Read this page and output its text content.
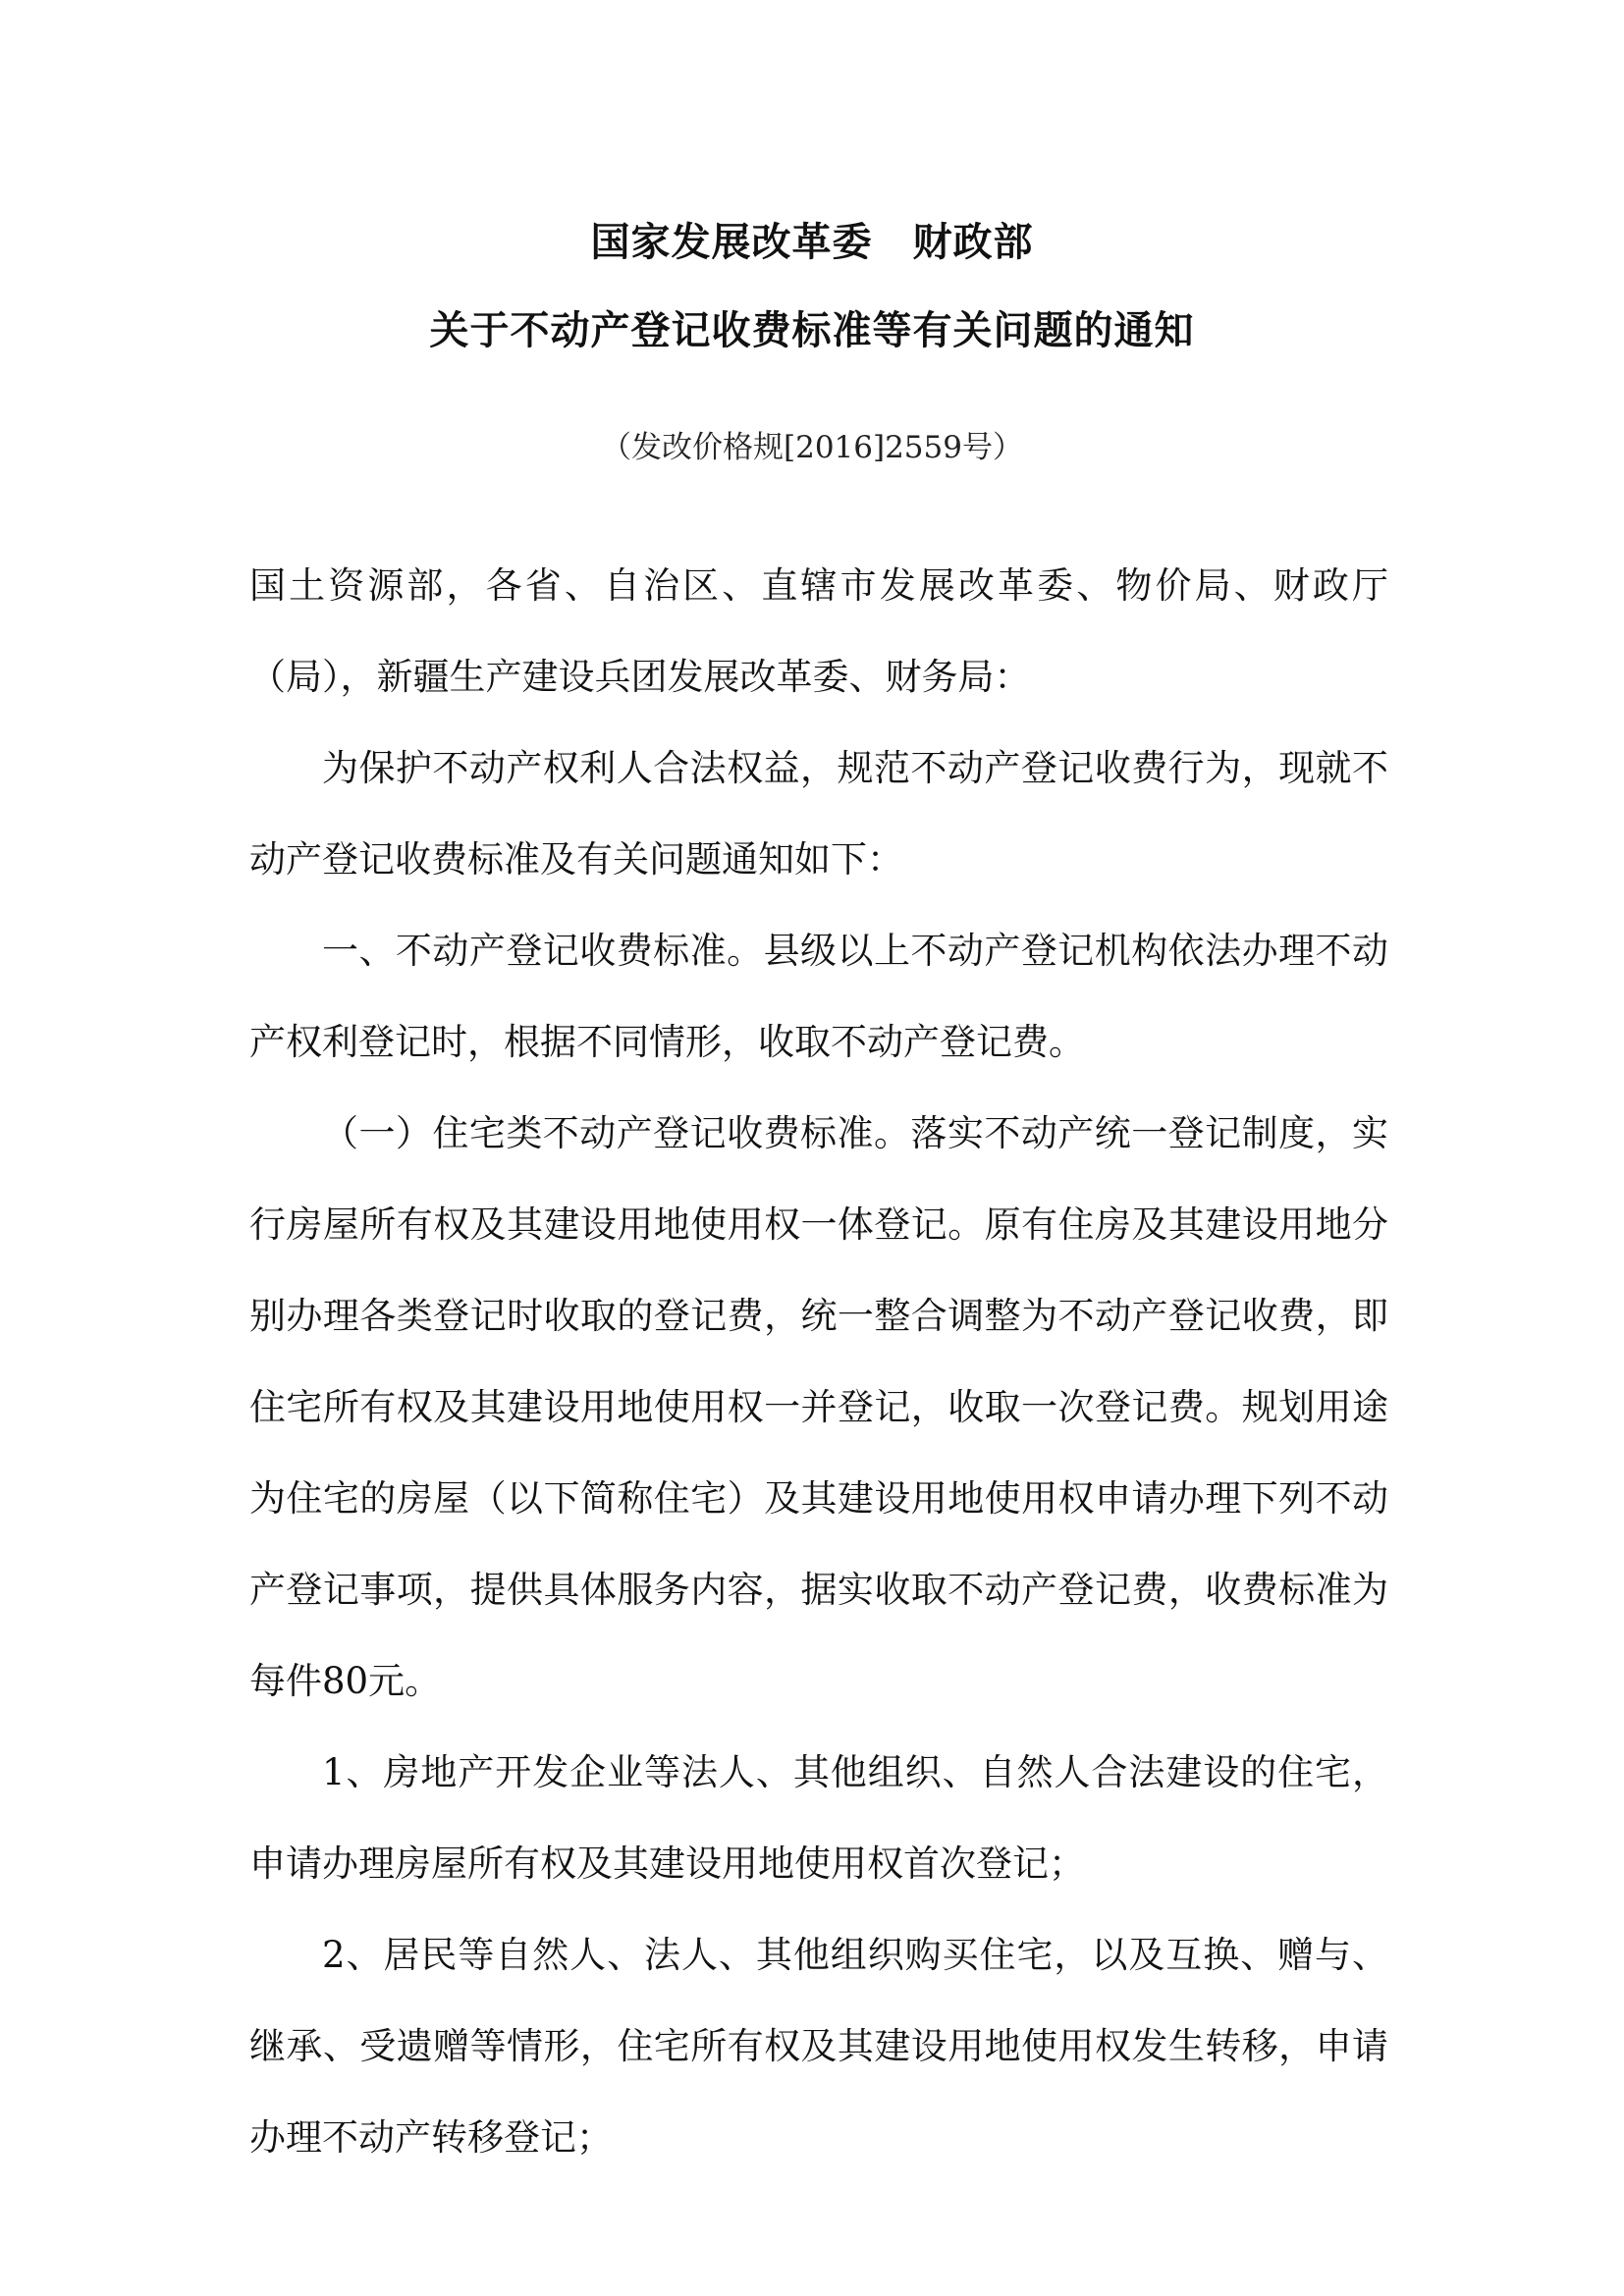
国家发展改革委　财政部
关于不动产登记收费标准等有关问题的通知
（发改价格规[2016]2559号）

国土资源部，各省、自治区、直辖市发展改革委、物价局、财政厅（局），新疆生产建设兵团发展改革委、财务局：

为保护不动产权利人合法权益，规范不动产登记收费行为，现就不动产登记收费标准及有关问题通知如下：

一、不动产登记收费标准。县级以上不动产登记机构依法办理不动产权利登记时，根据不同情形，收取不动产登记费。

（一）住宅类不动产登记收费标准。落实不动产统一登记制度，实行房屋所有权及其建设用地使用权一体登记。原有住房及其建设用地分别办理各类登记时收取的登记费，统一整合调整为不动产登记收费，即住宅所有权及其建设用地使用权一并登记，收取一次登记费。规划用途为住宅的房屋（以下简称住宅）及其建设用地使用权申请办理下列不动产登记事项，提供具体服务内容，据实收取不动产登记费，收费标准为每件80元。

1、房地产开发企业等法人、其他组织、自然人合法建设的住宅，申请办理房屋所有权及其建设用地使用权首次登记；

2、居民等自然人、法人、其他组织购买住宅，以及互换、赠与、继承、受遗赠等情形，住宅所有权及其建设用地使用权发生转移，申请办理不动产转移登记；
